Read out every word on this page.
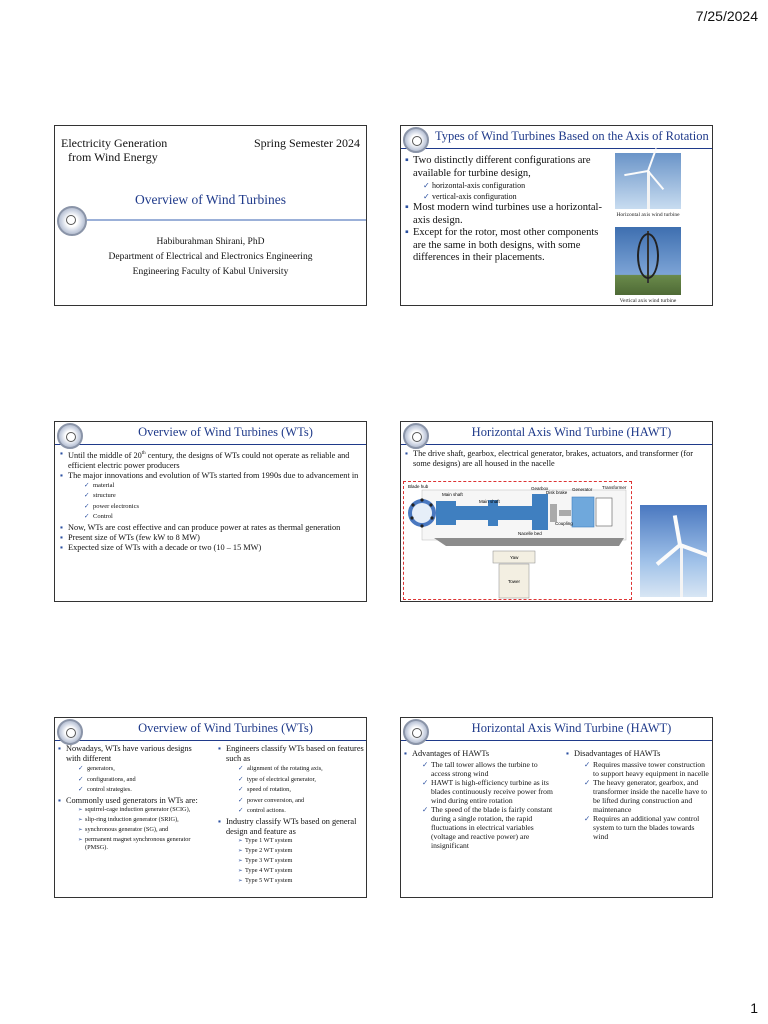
7/25/2024
Electricity Generation
from Wind Energy
Spring Semester 2024
Overview of Wind Turbines
Habiburahman Shirani, PhD
Department of Electrical and Electronics Engineering
Engineering Faculty of Kabul University
Types of Wind Turbines Based on the Axis of Rotation
▪ Two distinctly different configurations are available for turbine design,
✓ horizontal-axis configuration
✓ vertical-axis configuration
▪ Most modern wind turbines use a horizontal-axis design.
▪ Except for the rotor, most other components are the same in both designs, with some differences in their placements.
Horizontal axis wind turbine
Vertical axis wind turbine
Overview of Wind Turbines (WTs)
▪ Until the middle of 20th century, the designs of WTs could not operate as reliable and efficient electric power producers
▪ The major innovations and evolution of WTs started from 1990s due to advancement in
✓ material
✓ structure
✓ power electronics
✓ Control
▪ Now, WTs are cost effective and can produce power at rates as thermal generation
▪ Present size of WTs (few kW to 8 MW)
▪ Expected size of WTs with a decade or two (10 – 15 MW)
Horizontal Axis Wind Turbine (HAWT)
▪ The drive shaft, gearbox, electrical generator, brakes, actuators, and transformer (for some designs) are all housed in the nacelle
Blade hub
Main shaft
Main shaft
Gearbox
Disk brake
Generator Transformer
Coupling
Nacelle bed
Yaw
Tower
Overview of Wind Turbines (WTs)
▪ Nowadays, WTs have various designs with different
✓ generators,
✓ configurations, and
✓ control strategies.
▪ Commonly used generators in WTs are:
➢ squirrel-cage induction generator (SCIG),
➢ slip-ring induction generator (SRIG),
➢ synchronous generator (SG), and
➢ permanent magnet synchronous generator (PMSG).
▪ Engineers classify WTs based on features such as
✓ alignment of the rotating axis,
✓ type of electrical generator,
✓ speed of rotation,
✓ power conversion, and
✓ control actions.
▪ Industry classify WTs based on general design and feature as
➢ Type 1 WT system
➢ Type 2 WT system
➢ Type 3 WT system
➢ Type 4 WT system
➢ Type 5 WT system
Horizontal Axis Wind Turbine (HAWT)
▪ Advantages of HAWTs
✓ The tall tower allows the turbine to access strong wind
✓ HAWT is high-efficiency turbine as its blades continuously receive power from wind during entire rotation
✓ The speed of the blade is fairly constant during a single rotation, the rapid fluctuations in electrical variables (voltage and reactive power) are insignificant
▪ Disadvantages of HAWTs
✓ Requires massive tower construction to support heavy equipment in nacelle
✓ The heavy generator, gearbox, and transformer inside the nacelle have to be lifted during construction and maintenance
✓ Requires an additional yaw control system to turn the blades towards wind
1
